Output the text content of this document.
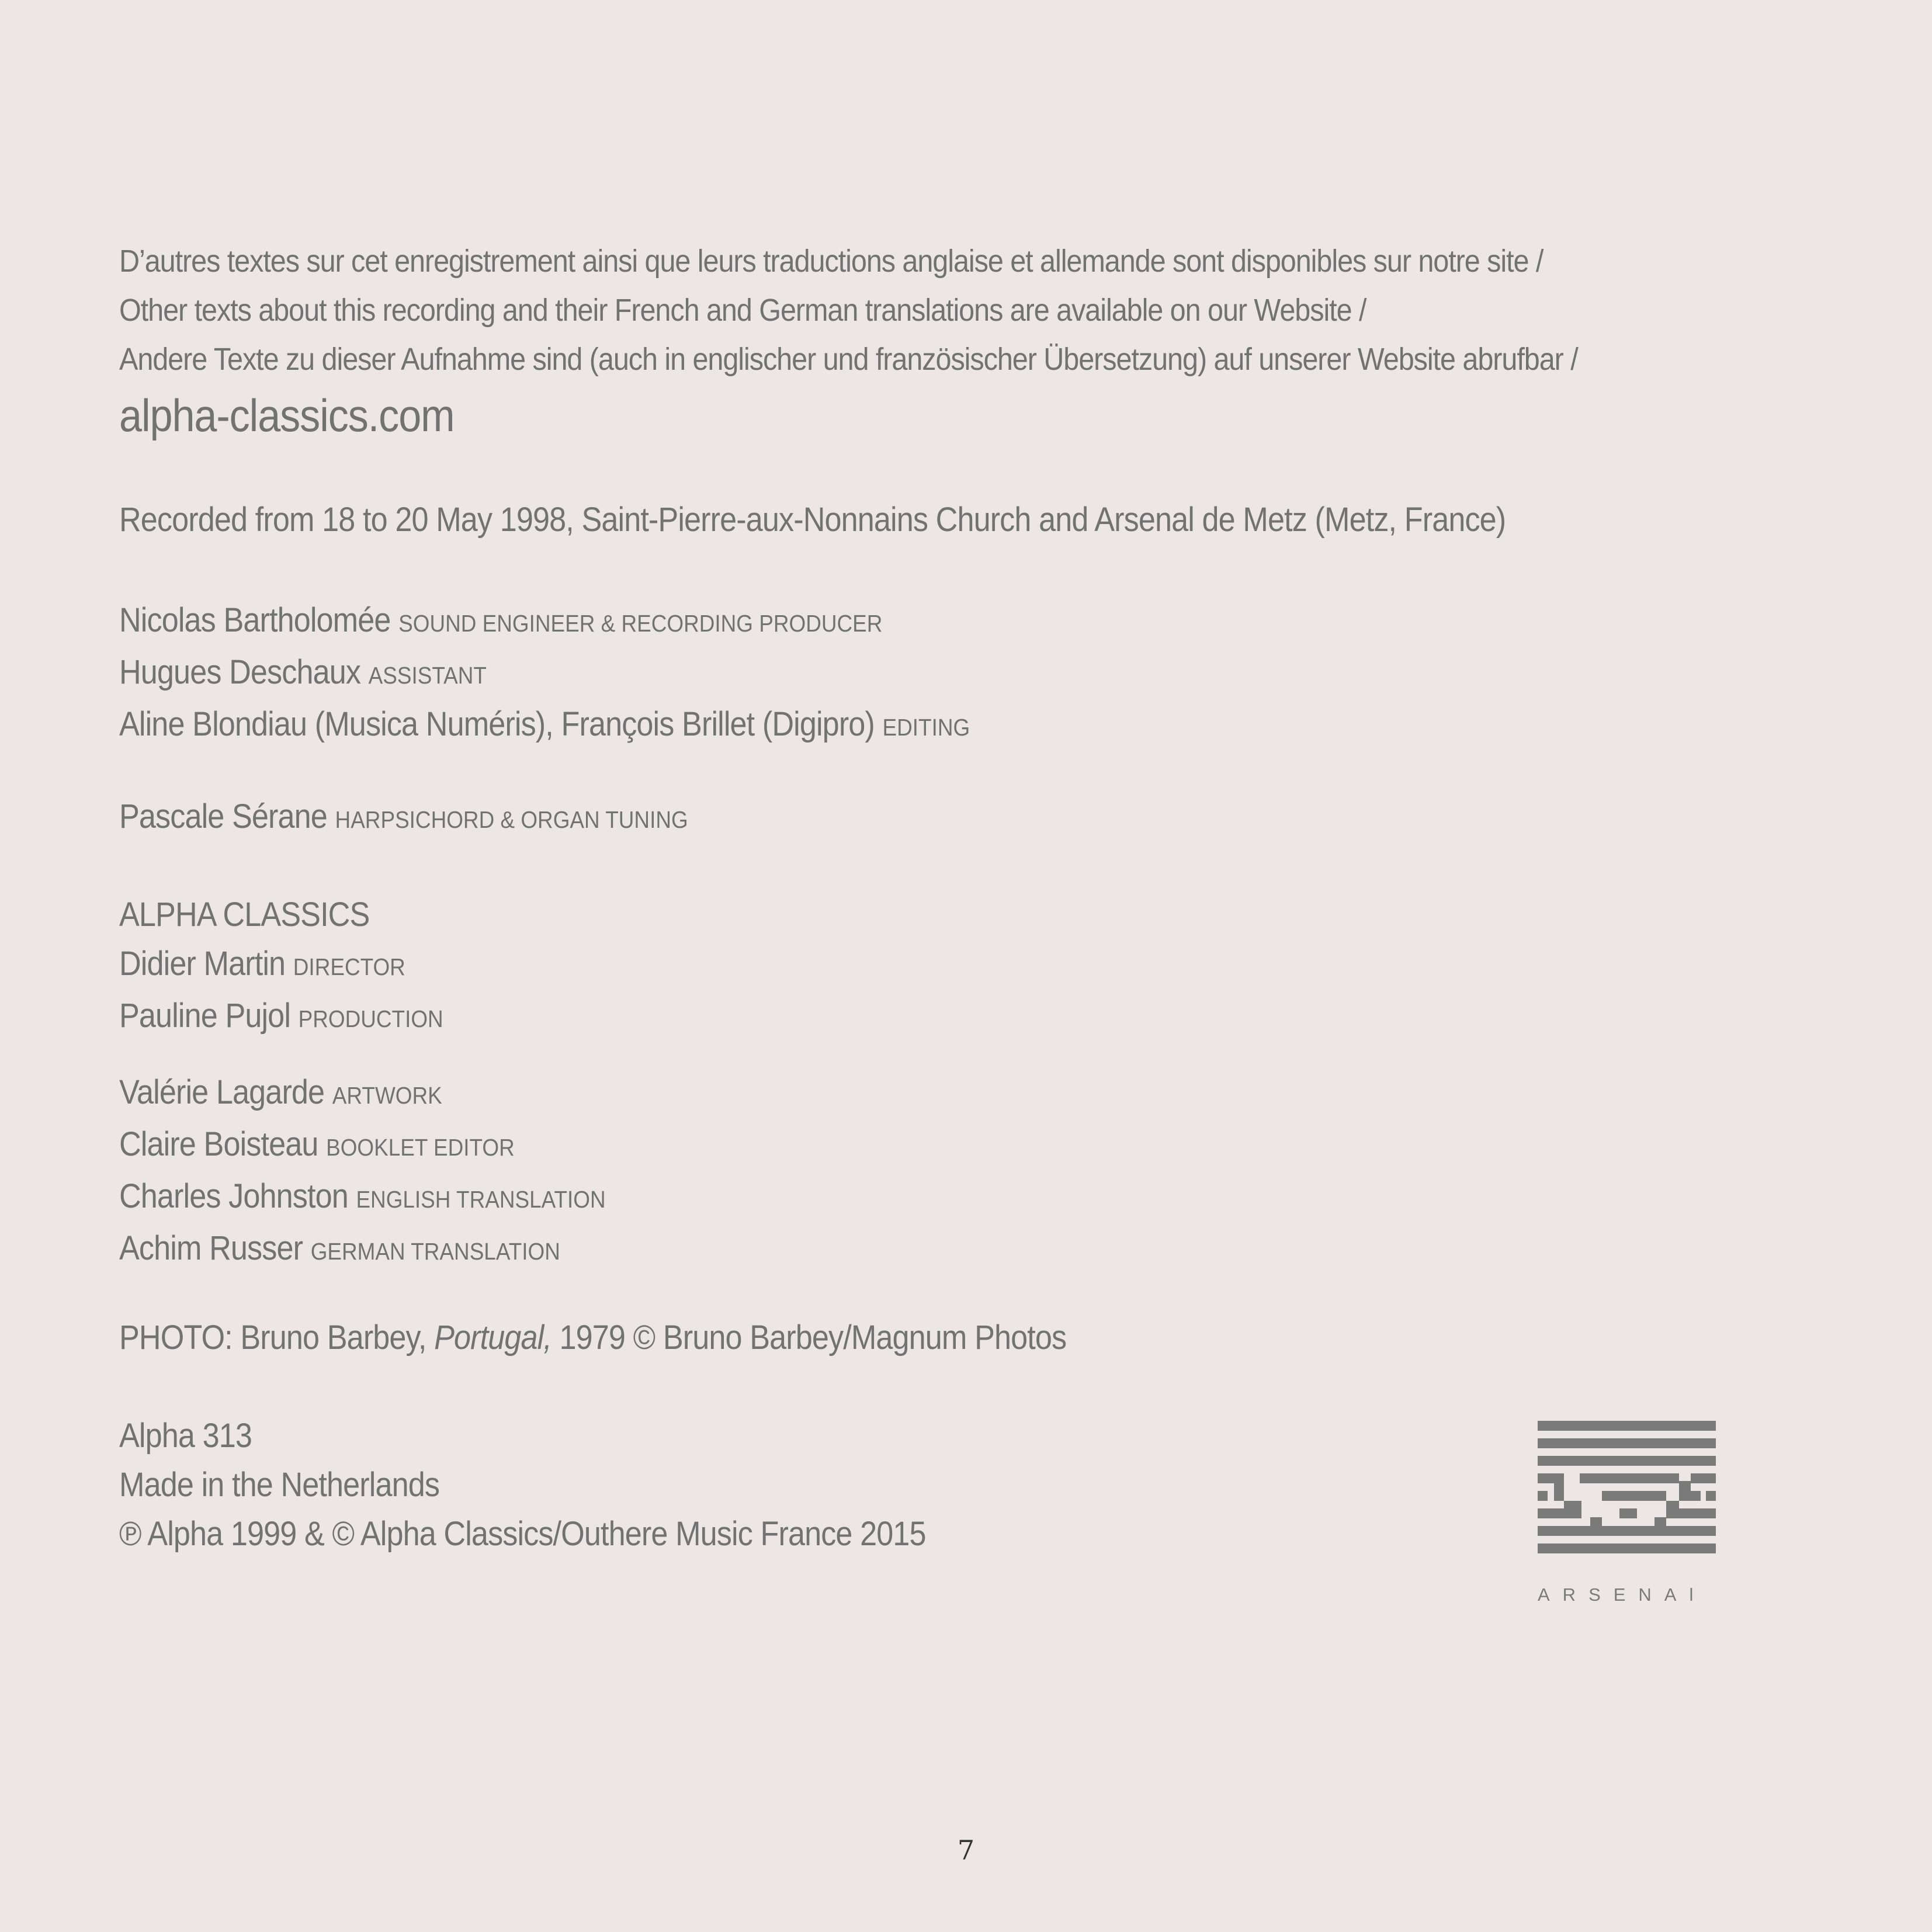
D’autres textes sur cet enregistrement ainsi que leurs traductions anglaise et allemande sont disponibles sur notre site /
Other texts about this recording and their French and German translations are available on our Website /
Andere Texte zu dieser Aufnahme sind (auch in englischer und französischer Übersetzung) auf unserer Website abrufbar /
alpha-classics.com
Recorded from 18 to 20 May 1998, Saint-Pierre-aux-Nonnains Church and Arsenal de Metz (Metz, France)
Nicolas Bartholomée SOUND ENGINEER & RECORDING PRODUCER
Hugues Deschaux ASSISTANT
Aline Blondiau (Musica Numéris), François Brillet (Digipro) EDITING
Pascale Sérane HARPSICHORD & ORGAN TUNING
ALPHA CLASSICS
Didier Martin DIRECTOR
Pauline Pujol PRODUCTION
Valérie Lagarde ARTWORK
Claire Boisteau BOOKLET EDITOR
Charles Johnston ENGLISH TRANSLATION
Achim Russer GERMAN TRANSLATION
PHOTO: Bruno Barbey, Portugal, 1979 © Bruno Barbey/Magnum Photos
Alpha 313
Made in the Netherlands
℗ Alpha 1999 & © Alpha Classics/Outhere Music France 2015
ARSENAl
7
